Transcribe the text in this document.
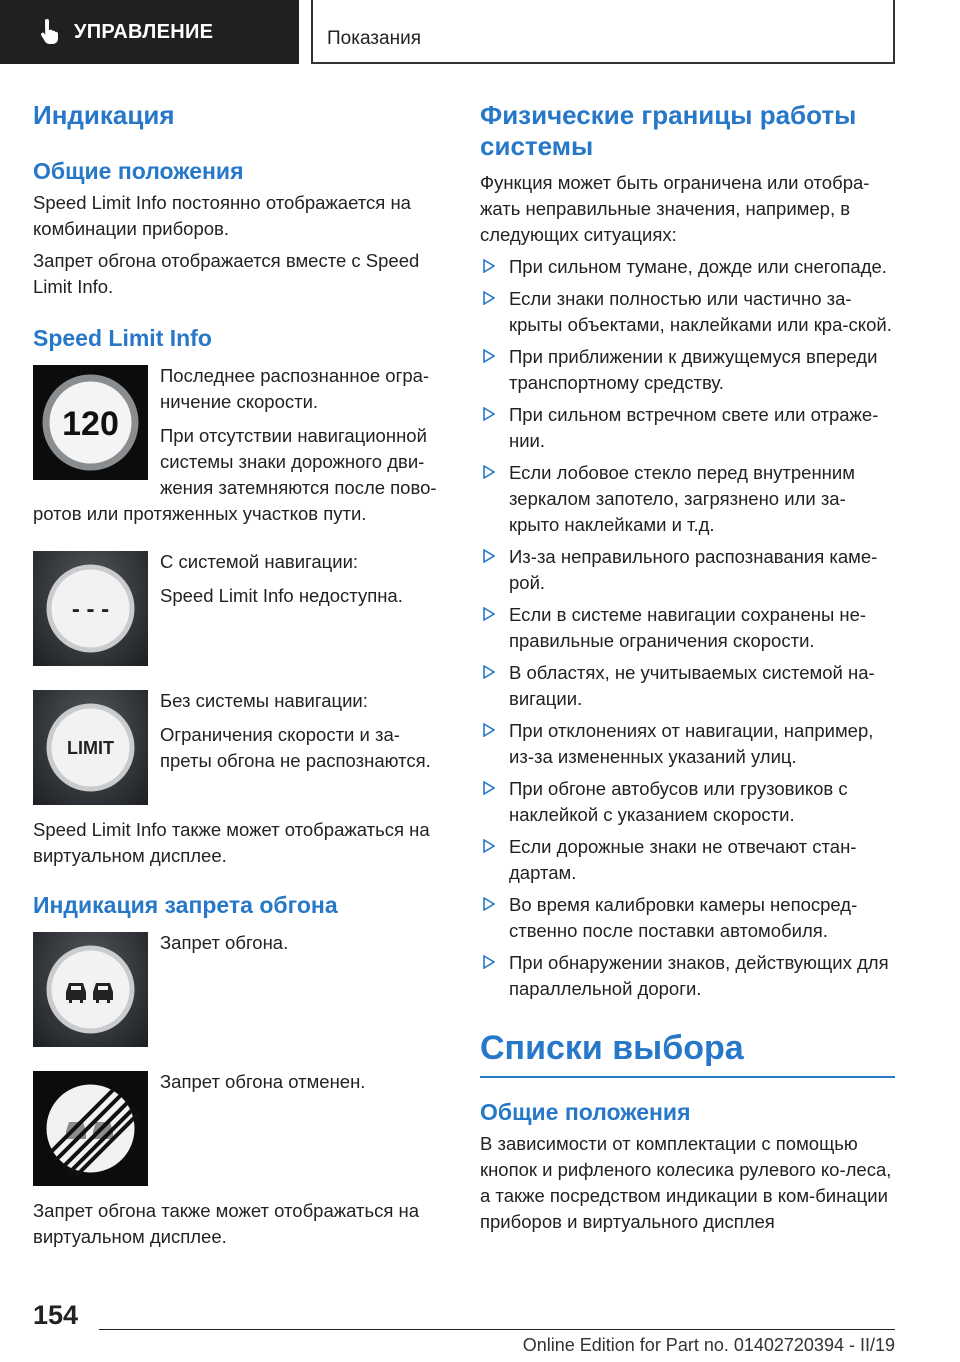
УПРАВЛЕНИЕ	Показания
Индикация
Общие положения
Speed Limit Info постоянно отображается на комбинации приборов.
Запрет обгона отображается вместе с Speed Limit Info.
Speed Limit Info
120
Последнее распознанное огра-ничение скорости.
При отсутствии навигационной системы знаки дорожного дви-жения затемняются после пово-ротов или протяженных участков пути.
- - -
С системой навигации:
Speed Limit Info недоступна.
LIMIT
Без системы навигации:
Ограничения скорости и за-преты обгона не распознаются.
Speed Limit Info также может отображаться на виртуальном дисплее.
Индикация запрета обгона
Запрет обгона.
Запрет обгона отменен.
Запрет обгона также может отображаться на виртуальном дисплее.
Физические границы работы системы
Функция может быть ограничена или отобра-жать неправильные значения, например, в следующих ситуациях:
При сильном тумане, дожде или снегопаде.
Если знаки полностью или частично за-крыты объектами, наклейками или кра-ской.
При приближении к движущемуся впереди транспортному средству.
При сильном встречном свете или отраже-нии.
Если лобовое стекло перед внутренним зеркалом запотело, загрязнено или за-крыто наклейками и т.д.
Из-за неправильного распознавания каме-рой.
Если в системе навигации сохранены не-правильные ограничения скорости.
В областях, не учитываемых системой на-вигации.
При отклонениях от навигации, например, из-за измененных указаний улиц.
При обгоне автобусов или грузовиков с наклейкой с указанием скорости.
Если дорожные знаки не отвечают стан-дартам.
Во время калибровки камеры непосред-ственно после поставки автомобиля.
При обнаружении знаков, действующих для параллельной дороги.
Списки выбора
Общие положения
В зависимости от комплектации с помощью кнопок и рифленого колесика рулевого ко-леса, а также посредством индикации в ком-бинации приборов и виртуального дисплея
154
Online Edition for Part no. 01402720394 - II/19
